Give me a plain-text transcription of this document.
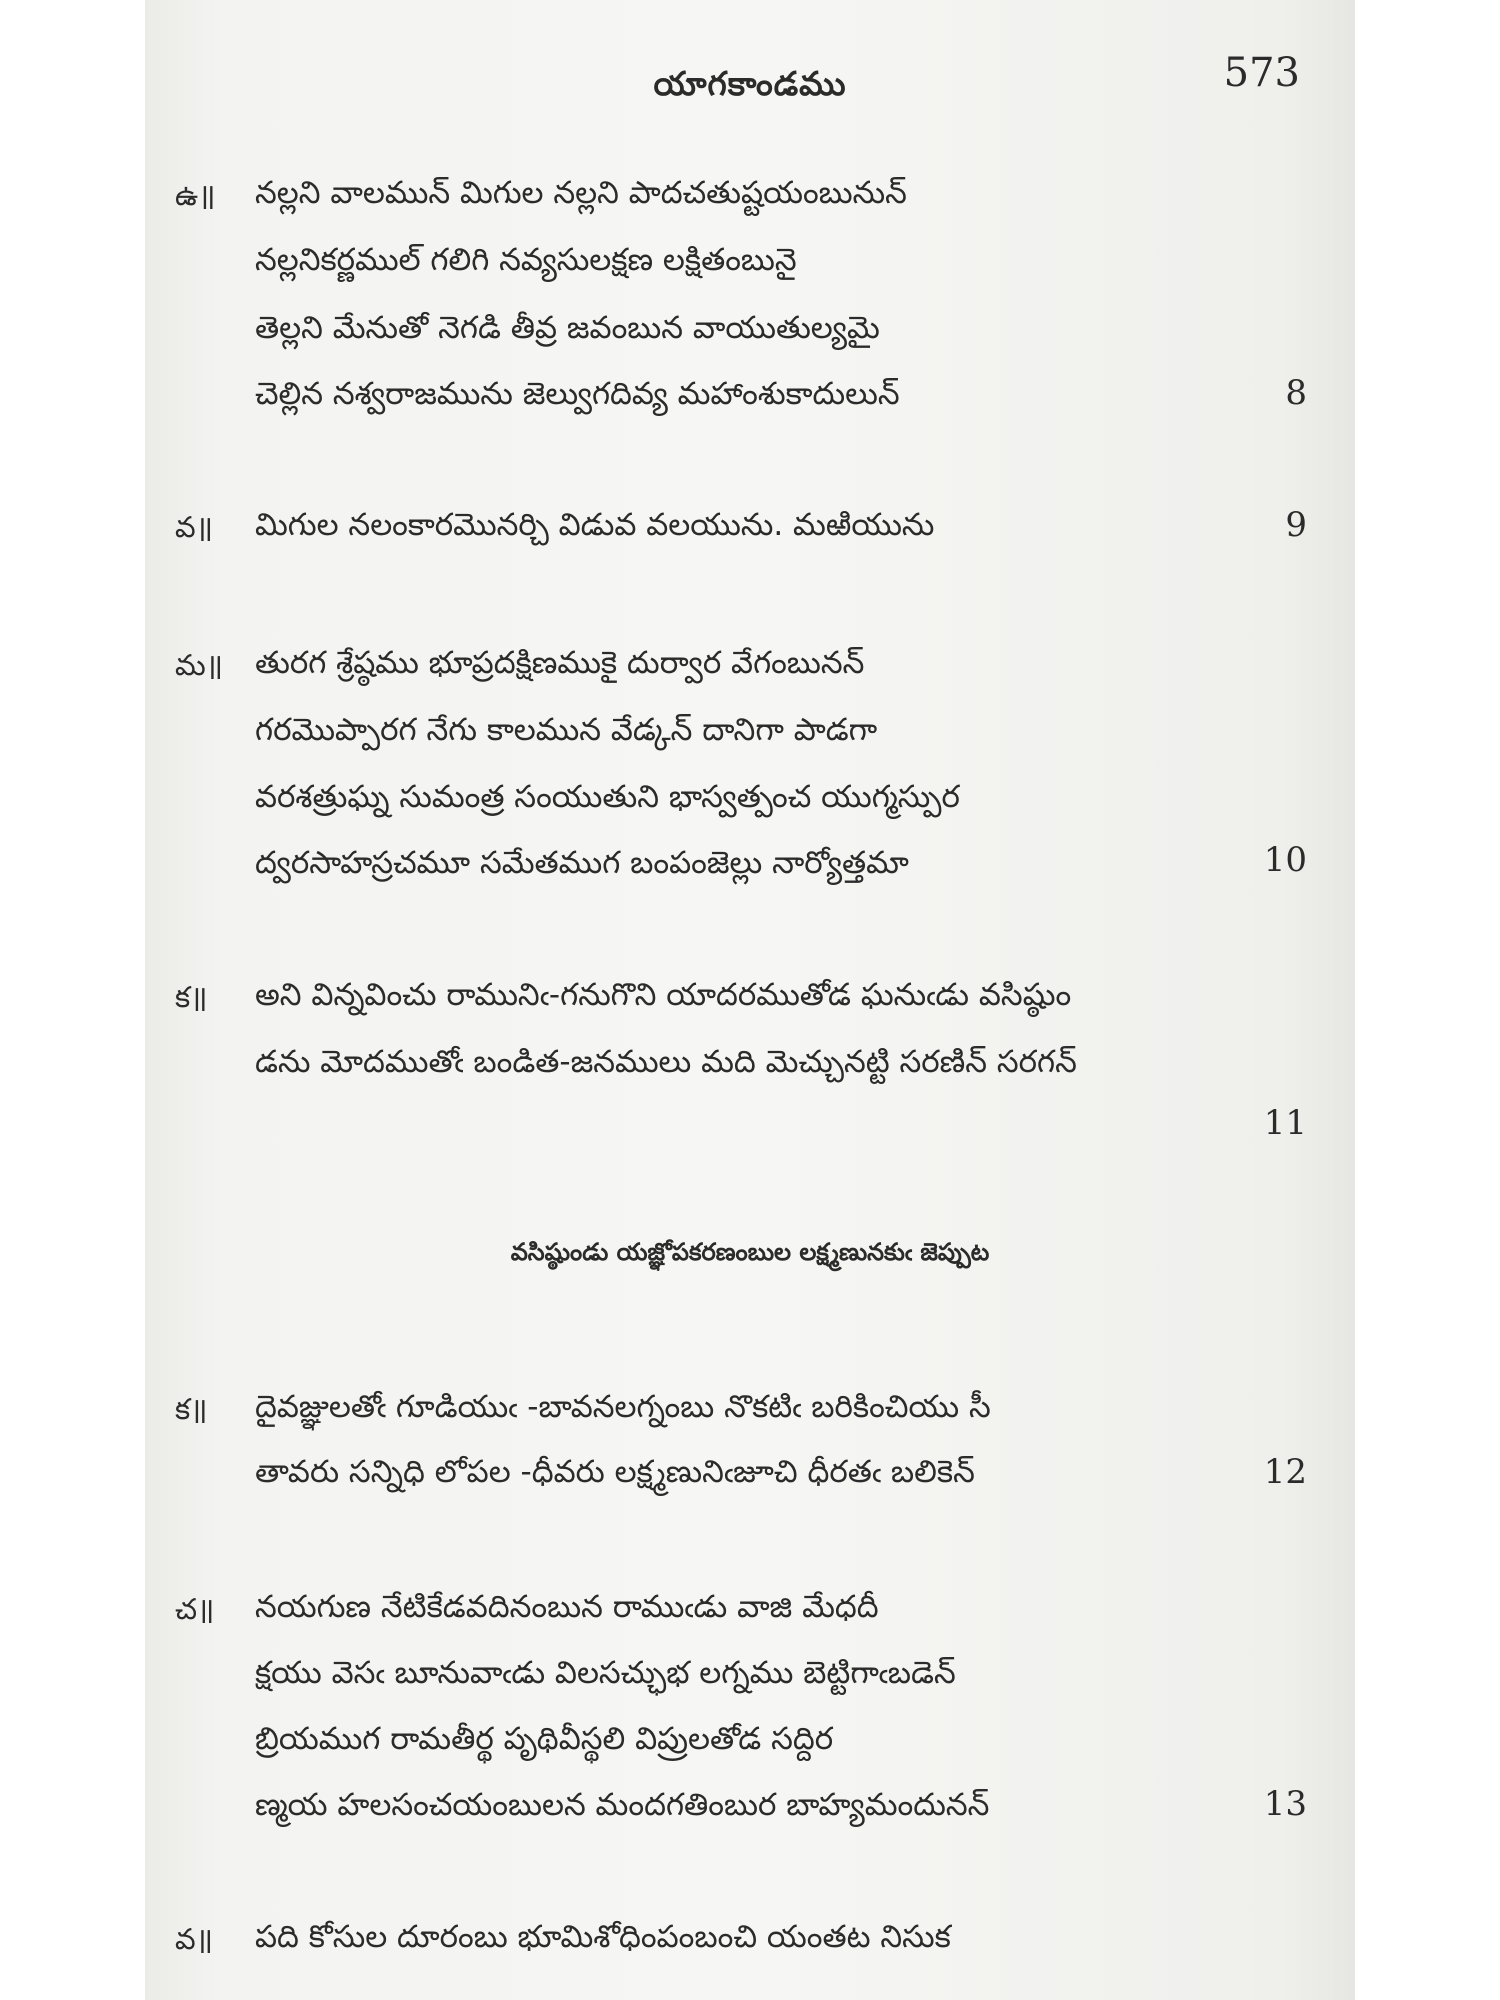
యాగకాండము	573
ఉ॥	నల్లని వాలమున్ మిగుల నల్లని పాదచతుష్టయంబునున్
నల్లనికర్ణముల్ గలిగి నవ్యసులక్షణ లక్షితంబునై
తెల్లని మేనుతో నెగడి తీవ్ర జవంబున వాయుతుల్యమై
చెల్లిన నశ్వరాజమును జెల్వుగదివ్య మహాంశుకాదులున్	8
వ॥	మిగుల నలంకారమొనర్చి విడువ వలయును. మఱియును	9
మ॥	తురగ శ్రేష్ఠము భూప్రదక్షిణముకై దుర్వార వేగంబునన్
గరమొప్పారగ నేగు కాలమున వేడ్కన్ దానిగా పాడగా
వరశత్రుఘ్న సుమంత్ర సంయుతుని భాస్వత్పంచ యుగ్మస్పుర
ద్వరసాహస్రచమూ సమేతముగ బంపంజెల్లు నార్యోత్తమా	10
క॥	అని విన్నవించు రామునిఁ-గనుగొని యాదరముతోడ ఘనుఁడు వసిష్ఠుం
డను మోదముతోఁ బండిత-జనములు మది మెచ్చునట్టి సరణిన్ సరగన్
11
వసిష్ఠుండు యజ్ఞోపకరణంబుల లక్ష్మణునకుఁ జెప్పుట
క॥	దైవజ్ఞులతోఁ గూడియుఁ -బావనలగ్నంబు నొకటిఁ బరికించియు సీ
తావరు సన్నిధి లోపల -ధీవరు లక్ష్మణునిఁజూచి ధీరతఁ బలికెన్	12
చ॥	నయగుణ నేటికేడవదినంబున రాముఁడు వాజి మేధదీ
క్షయు వెసఁ బూనువాఁడు విలసచ్ఛుభ లగ్నము బెట్టిగాఁబడెన్
బ్రియముగ రామతీర్థ పృథివీస్థలి విప్రులతోడ సద్దిర
ణ్మయ హలసంచయంబులన మందగతింబుర బాహ్యమందునన్	13
వ॥	పది కోసుల దూరంబు భూమిశోధింపంబంచి యంతట నిసుక
